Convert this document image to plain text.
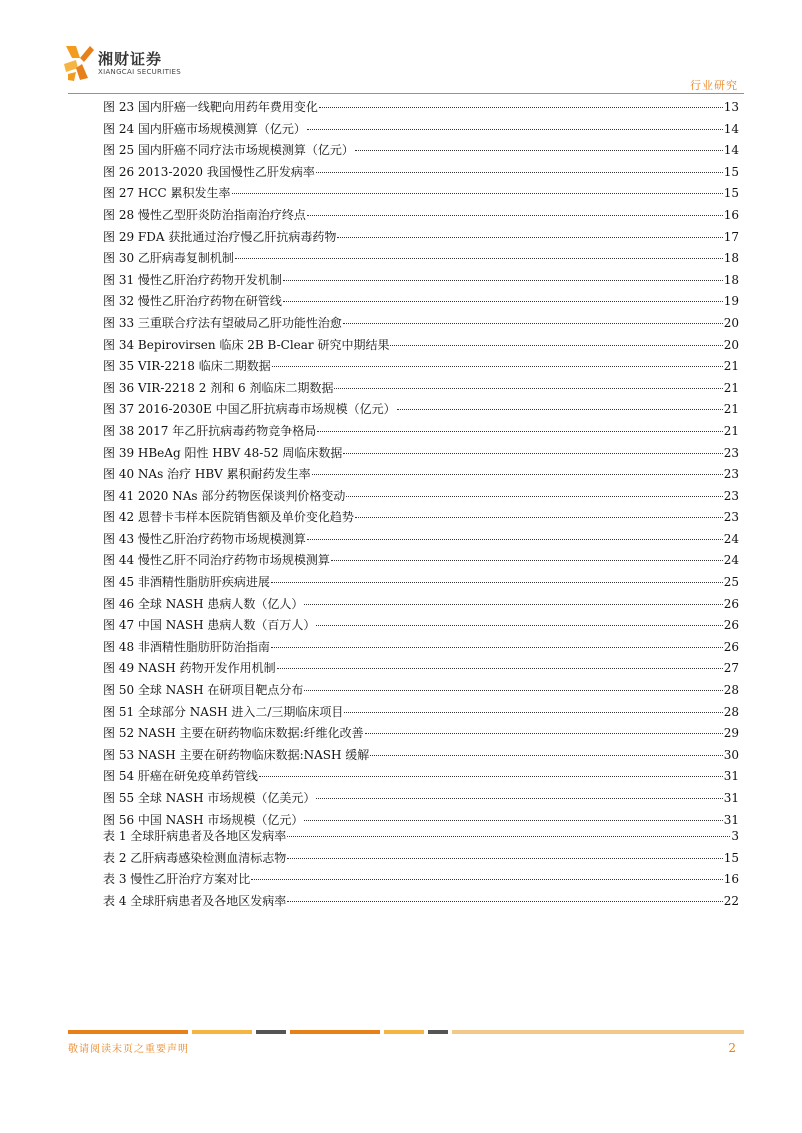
湘财证券
XIANGCAI SECURITIES
行业研究
图 23 国内肝癌一线靶向用药年费用变化	13
图 24 国内肝癌市场规模测算（亿元）	14
图 25 国内肝癌不同疗法市场规模测算（亿元）	14
图 26 2013-2020 我国慢性乙肝发病率	15
图 27 HCC 累积发生率	15
图 28 慢性乙型肝炎防治指南治疗终点	16
图 29 FDA 获批通过治疗慢乙肝抗病毒药物	17
图 30 乙肝病毒复制机制	18
图 31 慢性乙肝治疗药物开发机制	18
图 32 慢性乙肝治疗药物在研管线	19
图 33 三重联合疗法有望破局乙肝功能性治愈	20
图 34 Bepirovirsen 临床 2B B-Clear 研究中期结果	20
图 35 VIR-2218 临床二期数据	21
图 36 VIR-2218 2 剂和 6 剂临床二期数据	21
图 37 2016-2030E 中国乙肝抗病毒市场规模（亿元）	21
图 38 2017 年乙肝抗病毒药物竞争格局	21
图 39 HBeAg 阳性 HBV 48-52 周临床数据	23
图 40 NAs 治疗 HBV 累积耐药发生率	23
图 41 2020 NAs 部分药物医保谈判价格变动	23
图 42 恩替卡韦样本医院销售额及单价变化趋势	23
图 43 慢性乙肝治疗药物市场规模测算	24
图 44 慢性乙肝不同治疗药物市场规模测算	24
图 45 非酒精性脂肪肝疾病进展	25
图 46 全球 NASH 患病人数（亿人）	26
图 47 中国 NASH 患病人数（百万人）	26
图 48 非酒精性脂肪肝防治指南	26
图 49 NASH 药物开发作用机制	27
图 50 全球 NASH 在研项目靶点分布	28
图 51 全球部分 NASH 进入二/三期临床项目	28
图 52 NASH 主要在研药物临床数据:纤维化改善	29
图 53 NASH 主要在研药物临床数据:NASH 缓解	30
图 54 肝癌在研免疫单药管线	31
图 55 全球 NASH 市场规模（亿美元）	31
图 56 中国 NASH 市场规模（亿元）	31
表 1 全球肝病患者及各地区发病率	3
表 2 乙肝病毒感染检测血清标志物	15
表 3 慢性乙肝治疗方案对比	16
表 4 全球肝病患者及各地区发病率	22
敬请阅读末页之重要声明	2
